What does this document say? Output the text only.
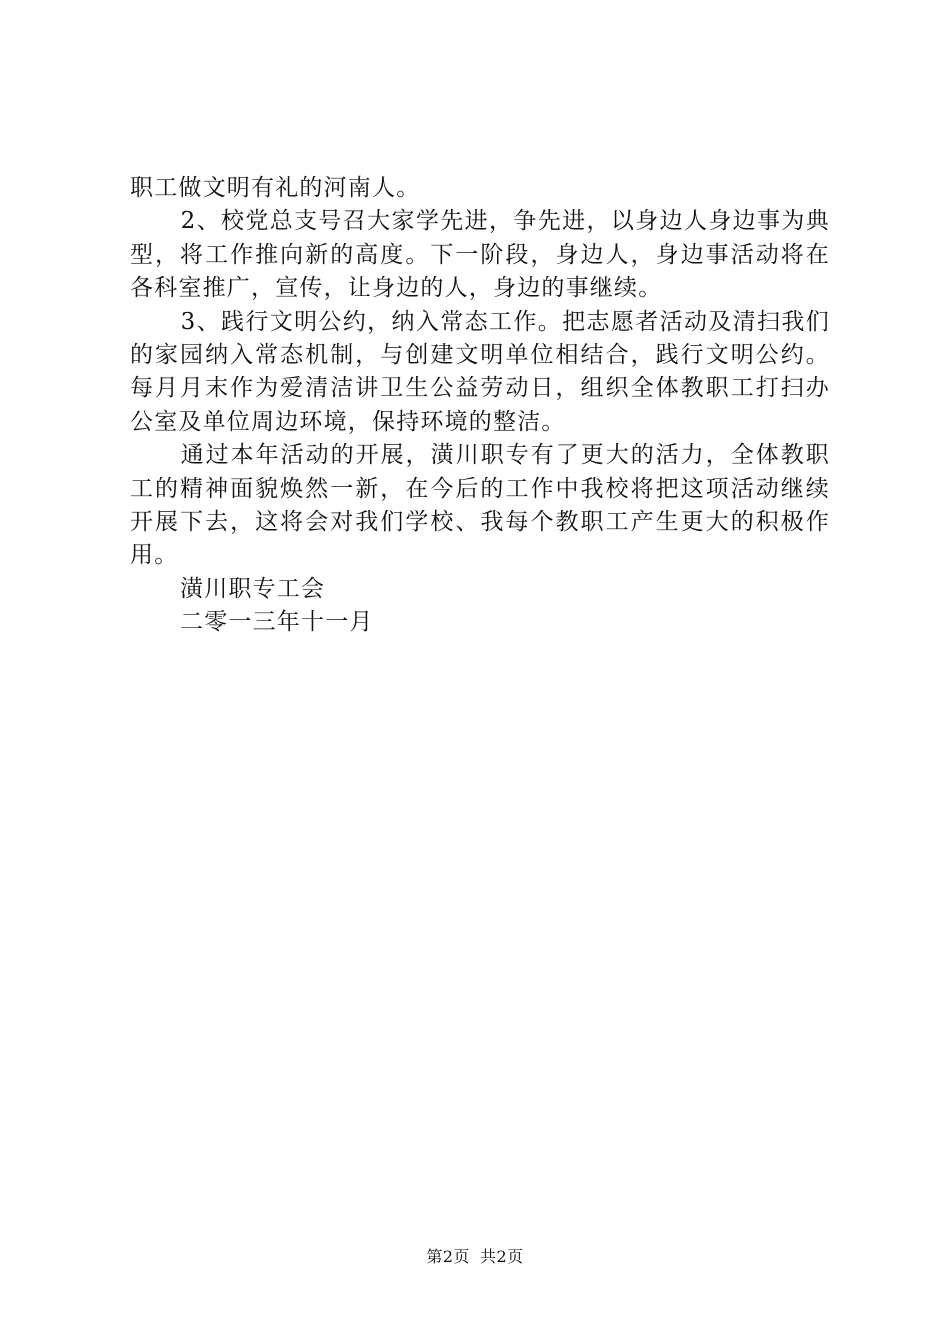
职工做文明有礼的河南人。

2、校党总支号召大家学先进，争先进，以身边人身边事为典型，将工作推向新的高度。下一阶段，身边人，身边事活动将在各科室推广，宣传，让身边的人，身边的事继续。

3、践行文明公约，纳入常态工作。把志愿者活动及清扫我们的家园纳入常态机制，与创建文明单位相结合，践行文明公约。每月月末作为爱清洁讲卫生公益劳动日，组织全体教职工打扫办公室及单位周边环境，保持环境的整洁。

通过本年活动的开展，潢川职专有了更大的活力，全体教职工的精神面貌焕然一新，在今后的工作中我校将把这项活动继续开展下去，这将会对我们学校、我每个教职工产生更大的积极作用。

潢川职专工会

二零一三年十一月

第2页 共2页
